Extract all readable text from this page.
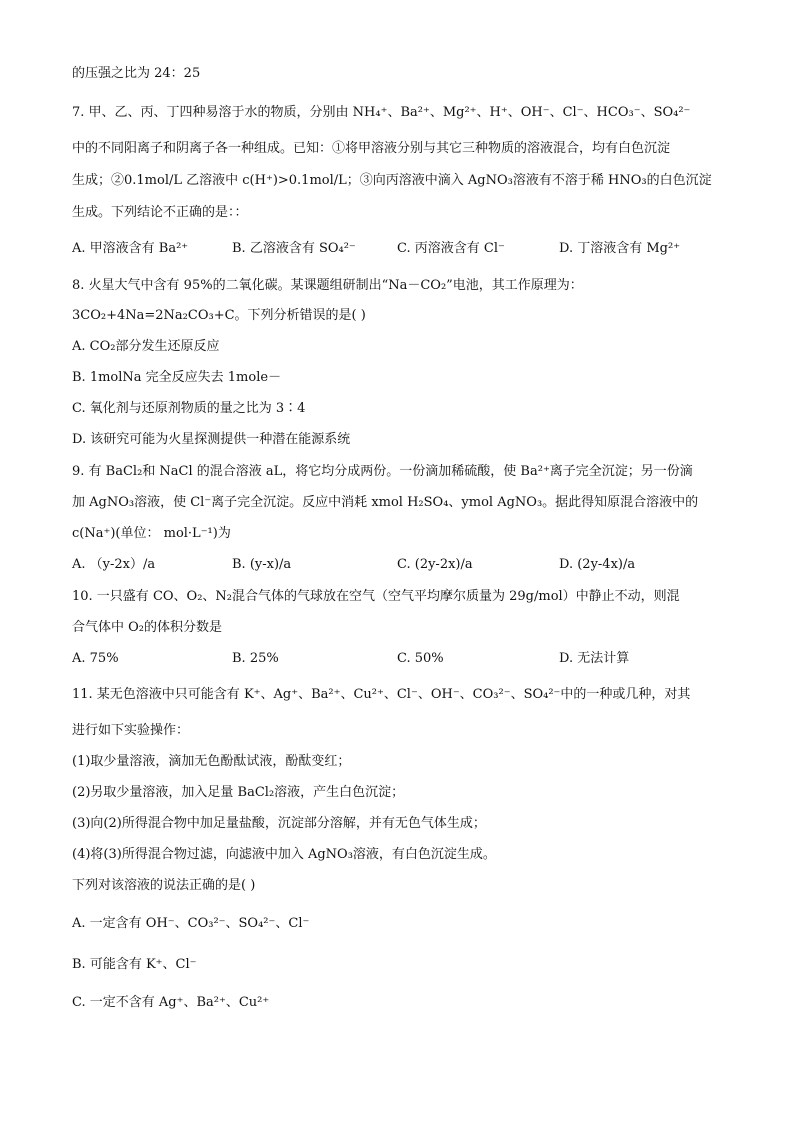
的压强之比为 24：25
7. 甲、乙、丙、丁四种易溶于水的物质，分别由 NH₄⁺、Ba²⁺、Mg²⁺、H⁺、OH⁻、Cl⁻、HCO₃⁻、SO₄²⁻
中的不同阳离子和阴离子各一种组成。已知：①将甲溶液分别与其它三种物质的溶液混合，均有白色沉淀
生成；②0.1mol/L 乙溶液中 c(H⁺)>0.1mol/L；③向丙溶液中滴入 AgNO₃溶液有不溶于稀 HNO₃的白色沉淀
生成。下列结论不正确的是：：
A. 甲溶液含有 Ba²⁺	B. 乙溶液含有 SO₄²⁻	C. 丙溶液含有 Cl⁻	D. 丁溶液含有 Mg²⁺
8. 火星大气中含有 95%的二氧化碳。某课题组研制出“Na－CO₂”电池，其工作原理为：
3CO₂+4Na=2Na₂CO₃+C。下列分析错误的是( )
A. CO₂部分发生还原反应
B. 1molNa 完全反应失去 1mole－
C. 氧化剂与还原剂物质的量之比为 3∶4
D. 该研究可能为火星探测提供一种潜在能源系统
9. 有 BaCl₂和 NaCl 的混合溶液 aL，将它均分成两份。一份滴加稀硫酸，使 Ba²⁺离子完全沉淀；另一份滴
加 AgNO₃溶液，使 Cl⁻离子完全沉淀。反应中消耗 xmol H₂SO₄、ymol AgNO₃。据此得知原混合溶液中的
c(Na⁺)(单位： mol·L⁻¹)为
A. （y-2x）/a	B. (y-x)/a	C. (2y-2x)/a	D. (2y-4x)/a
10. 一只盛有 CO、O₂、N₂混合气体的气球放在空气（空气平均摩尔质量为 29g/mol）中静止不动，则混
合气体中 O₂的体积分数是
A. 75%	B. 25%	C. 50%	D. 无法计算
11. 某无色溶液中只可能含有 K⁺、Ag⁺、Ba²⁺、Cu²⁺、Cl⁻、OH⁻、CO₃²⁻、SO₄²⁻中的一种或几种，对其
进行如下实验操作：
(1)取少量溶液，滴加无色酚酞试液，酚酞变红；
(2)另取少量溶液，加入足量 BaCl₂溶液，产生白色沉淀；
(3)向(2)所得混合物中加足量盐酸，沉淀部分溶解，并有无色气体生成；
(4)将(3)所得混合物过滤，向滤液中加入 AgNO₃溶液，有白色沉淀生成。
下列对该溶液的说法正确的是( )
A. 一定含有 OH⁻、CO₃²⁻、SO₄²⁻、Cl⁻
B. 可能含有 K⁺、Cl⁻
C. 一定不含有 Ag⁺、Ba²⁺、Cu²⁺
